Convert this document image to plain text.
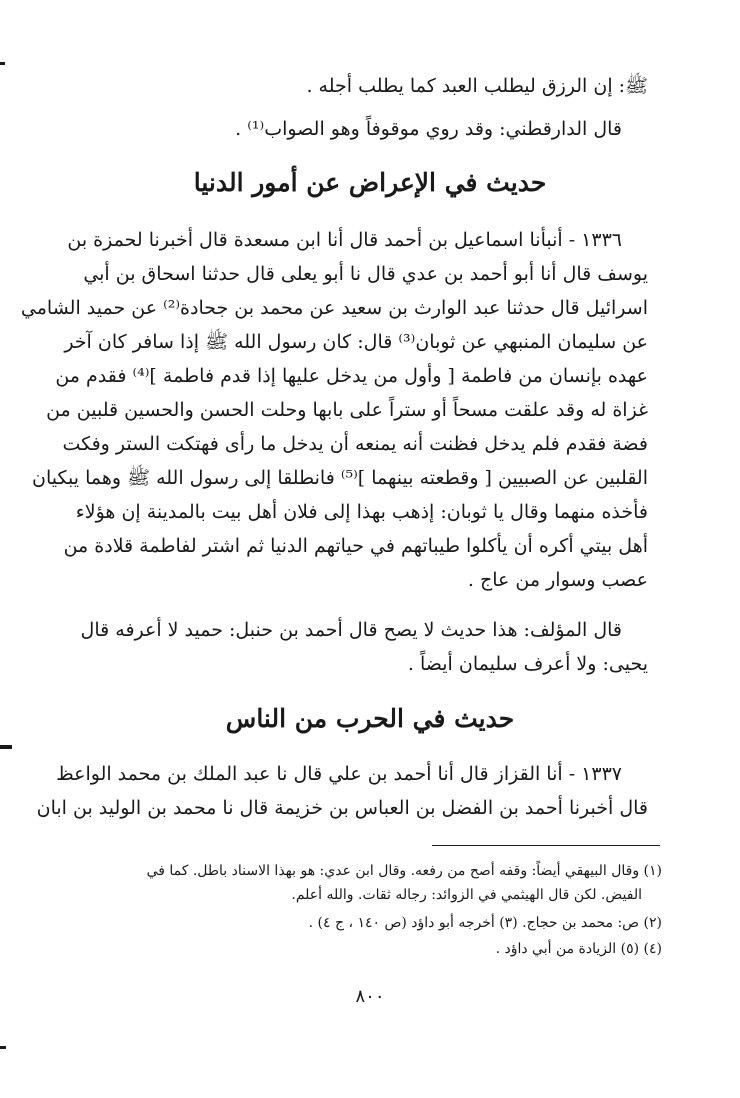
ﷺ: إن الرزق ليطلب العبد كما يطلب أجله .
قال الدارقطني: وقد روي موقوفاً وهو الصواب⁽¹⁾ .
حديث في الإعراض عن أمور الدنيا
١٣٣٦ - أنبأنا اسماعيل بن أحمد قال أنا ابن مسعدة قال أخبرنا لحمزة بن
يوسف قال أنا أبو أحمد بن عدي قال نا أبو يعلى قال حدثنا اسحاق بن أبي
اسرائيل قال حدثنا عبد الوارث بن سعيد عن محمد بن جحادة⁽²⁾ عن حميد الشامي
عن سليمان المنبهي عن ثوبان⁽³⁾ قال: كان رسول الله ﷺ إذا سافر كان آخر
عهده بإنسان من فاطمة [ وأول من يدخل عليها إذا قدم فاطمة ]⁽⁴⁾ فقدم من
غزاة له وقد علقت مسحاً أو ستراً على بابها وحلت الحسن والحسين قلبين من
فضة فقدم فلم يدخل فظنت أنه يمنعه أن يدخل ما رأى فهتكت الستر وفكت
القلبين عن الصبيين [ وقطعته بينهما ]⁽⁵⁾ فانطلقا إلى رسول الله ﷺ وهما يبكيان
فأخذه منهما وقال يا ثوبان: إذهب بهذا إلى فلان أهل بيت بالمدينة إن هؤلاء
أهل بيتي أكره أن يأكلوا طيباتهم في حياتهم الدنيا ثم اشتر لفاطمة قلادة من
عصب وسوار من عاج .
قال المؤلف: هذا حديث لا يصح قال أحمد بن حنبل: حميد لا أعرفه قال
يحيى: ولا أعرف سليمان أيضاً .
حديث في الحرب من الناس
١٣٣٧ - أنا القزاز قال أنا أحمد بن علي قال نا عبد الملك بن محمد الواعظ
قال أخبرنا أحمد بن الفضل بن العباس بن خزيمة قال نا محمد بن الوليد بن ابان
(١) وقال البيهقي أيضاً: وقفه أصح من رفعه. وقال ابن عدي: هو بهذا الاسناد باطل. كما في
الفيض. لكن قال الهيثمي في الزوائد: رجاله ثقات. والله أعلم.
(٢) ص: محمد بن حجاج. (٣) أخرجه أبو داؤد (ص ١٤٠ ، ج ٤) .
(٤) (٥) الزيادة من أبي داؤد .
٨٠٠
